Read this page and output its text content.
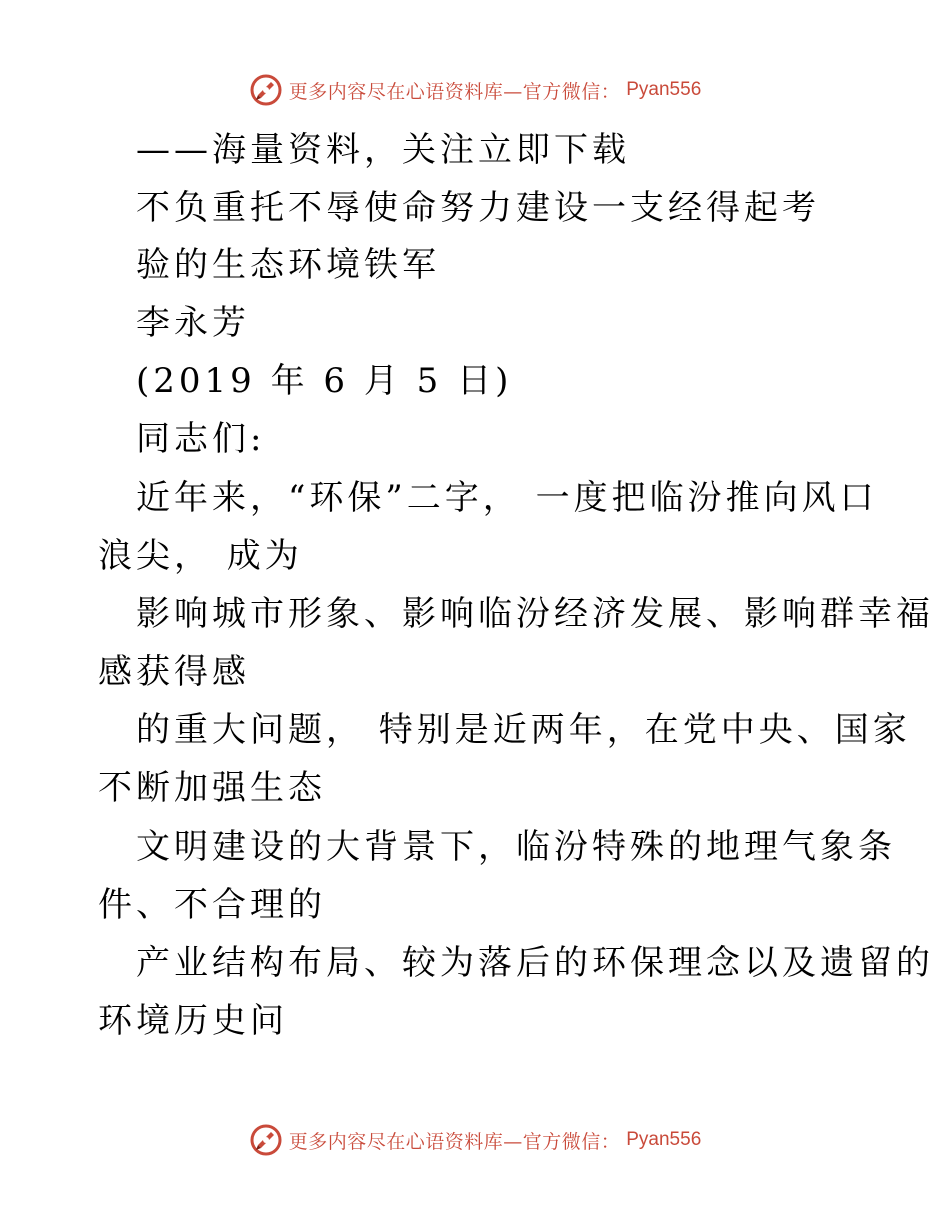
更多内容尽在心语资料库—官方微信： Pyan556
——海量资料，关注立即下载
不负重托不辱使命努力建设一支经得起考
验的生态环境铁军
李永芳
(2019 年 6 月 5 日)
同志们:
近年来，“环保”二字， 一度把临汾推向风口
浪尖， 成为
影响城市形象、影响临汾经济发展、影响群幸福
感获得感
的重大问题， 特别是近两年，在党中央、国家
不断加强生态
文明建设的大背景下，临汾特殊的地理气象条
件、不合理的
产业结构布局、较为落后的环保理念以及遗留的
环境历史问
更多内容尽在心语资料库—官方微信： Pyan556
